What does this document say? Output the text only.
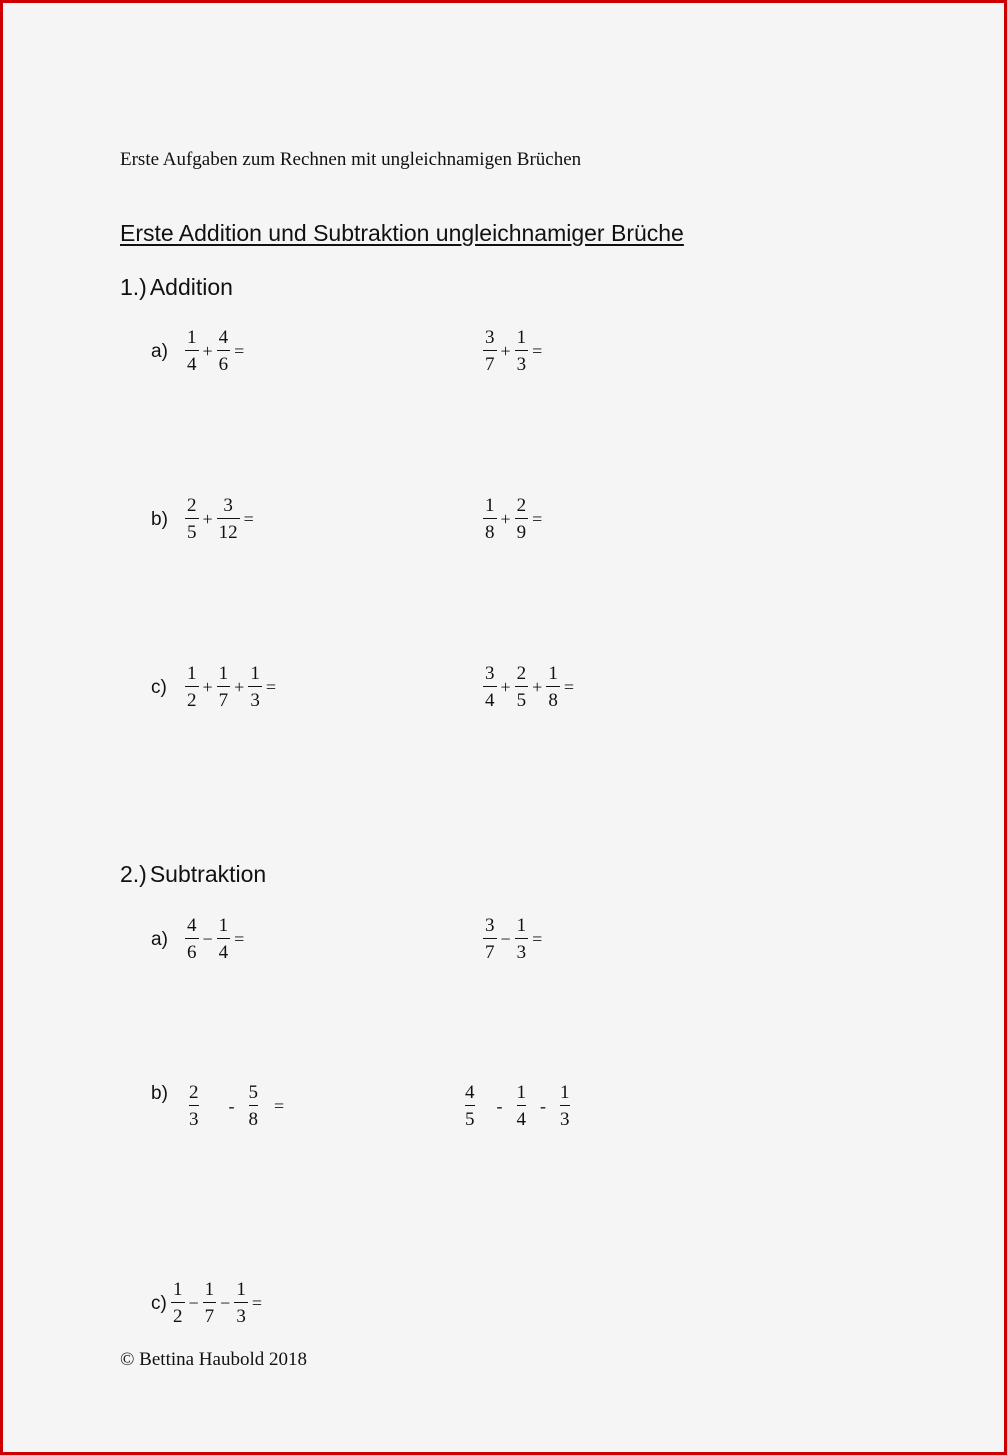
Erste Aufgaben zum Rechnen mit ungleichnamigen Brüchen
Erste Addition und Subtraktion ungleichnamiger Brüche
1.) Addition
$a) \frac{1}{4} + \frac{4}{6}$ =	$\frac{3}{7} + \frac{1}{3}$ =
$b) \frac{2}{5} + \frac{3}{12}$ =	$\frac{1}{8} + \frac{2}{9}$ =
$c) \frac{1}{2} + \frac{1}{7} + \frac{1}{3}$ =	$\frac{3}{4} + \frac{2}{5} + \frac{1}{8}$ =
2.) Subtraktion
$a) \frac{4}{6} - \frac{1}{4}$ =	$\frac{3}{7} - \frac{1}{3}$ =
$b) \frac{2}{3} - \frac{5}{8}$ =	$\frac{4}{5} - \frac{1}{4} - \frac{1}{3}$
$c) \frac{1}{2} - \frac{1}{7} - \frac{1}{3}$ =
© Bettina Haubold 2018
